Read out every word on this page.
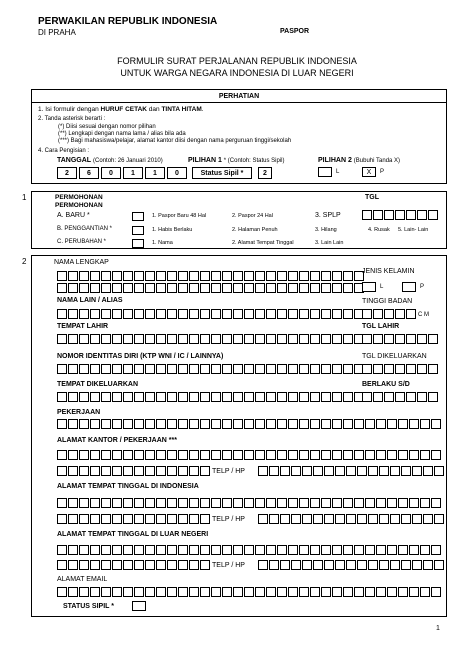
PERWAKILAN REPUBLIK INDONESIA
DI PRAHA	PASPOR
FORMULIR SURAT PERJALANAN REPUBLIK INDONESIA
UNTUK WARGA NEGARA INDONESIA DI LUAR NEGERI
PERHATIAN
1. Isi formulir dengan HURUF CETAK dan TINTA HITAM.
2. Tanda asterisk berarti :
(*) Diisi sesuai dengan nomor pilihan
(**) Lengkapi dengan nama lama / alias bila ada
(***) Bagi mahasiswa/pelajar, alamat kantor diisi dengan nama perguruan tinggi/sekolah
4. Cara Pengisian :
TANGGAL (Contoh: 26 Januari 2010)	PILIHAN 1 * (Contoh: Status Sipil)	PILIHAN 2 (Bubuhi Tanda X)
2	6	0	1	1	0	Status Sipil *	2	L	X	P
1	PERMOHONAN
PERMOHONAN
TGL
A. BARU *	1. Paspor Baru 48 Hal	2. Paspor 24 Hal	3. SPLP
B. PENGGANTIAN *	1. Habis Berlaku	2. Halaman Penuh	3. Hilang	4. Rusak 5. Lain- Lain
C. PERUBAHAN *	1. Nama	2. Alamat Tempat Tinggal	3. Lain Lain
2	NAMA LENGKAP
JENIS KELAMIN
L	P
NAMA LAIN / ALIAS	TINGGI BADAN
C M
TEMPAT LAHIR	TGL LAHIR
NOMOR IDENTITAS DIRI (KTP WNI / IC / LAINNYA)	TGL DIKELUARKAN
TEMPAT DIKELUARKAN	BERLAKU S/D
PEKERJAAN
ALAMAT KANTOR / PEKERJAAN ***
TELP / HP
ALAMAT TEMPAT TINGGAL DI INDONESIA
TELP / HP
ALAMAT TEMPAT TINGGAL DI LUAR NEGERI
TELP / HP
ALAMAT EMAIL
STATUS SIPIL *
1
